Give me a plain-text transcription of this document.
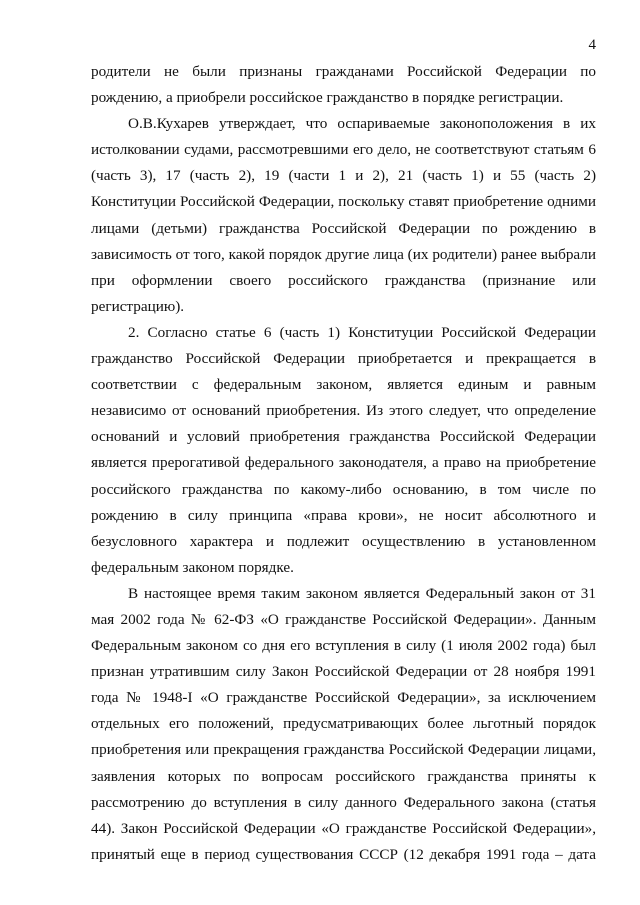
4

родители не были признаны гражданами Российской Федерации по рождению, а приобрели российское гражданство в порядке регистрации.

О.В.Кухарев утверждает, что оспариваемые законоположения в их истолковании судами, рассмотревшими его дело, не соответствуют статьям 6 (часть 3), 17 (часть 2), 19 (части 1 и 2), 21 (часть 1) и 55 (часть 2) Конституции Российской Федерации, поскольку ставят приобретение одними лицами (детьми) гражданства Российской Федерации по рождению в зависимость от того, какой порядок другие лица (их родители) ранее выбрали при оформлении своего российского гражданства (признание или регистрацию).

2. Согласно статье 6 (часть 1) Конституции Российской Федерации гражданство Российской Федерации приобретается и прекращается в соответствии с федеральным законом, является единым и равным независимо от оснований приобретения. Из этого следует, что определение оснований и условий приобретения гражданства Российской Федерации является прерогативой федерального законодателя, а право на приобретение российского гражданства по какому-либо основанию, в том числе по рождению в силу принципа «права крови», не носит абсолютного и безусловного характера и подлежит осуществлению в установленном федеральным законом порядке.

В настоящее время таким законом является Федеральный закон от 31 мая 2002 года № 62-ФЗ «О гражданстве Российской Федерации». Данным Федеральным законом со дня его вступления в силу (1 июля 2002 года) был признан утратившим силу Закон Российской Федерации от 28 ноября 1991 года № 1948-I «О гражданстве Российской Федерации», за исключением отдельных его положений, предусматривающих более льготный порядок приобретения или прекращения гражданства Российской Федерации лицами, заявления которых по вопросам российского гражданства приняты к рассмотрению до вступления в силу данного Федерального закона (статья 44). Закон Российской Федерации «О гражданстве Российской Федерации», принятый еще в период существования СССР (12 декабря 1991 года – дата
